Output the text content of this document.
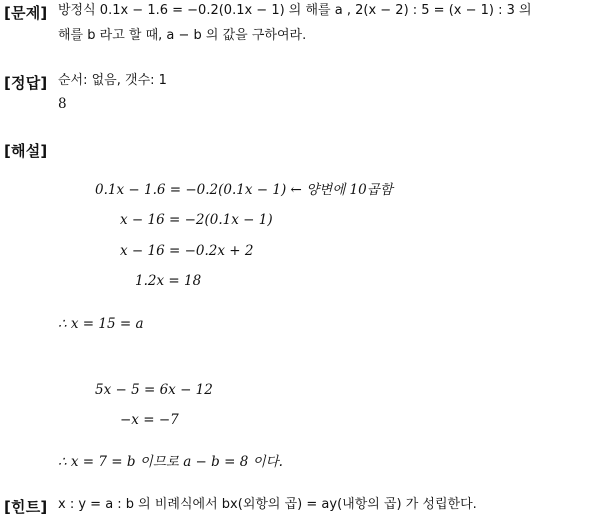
[문제] 방정식 0.1x − 1.6 = −0.2(0.1x − 1) 의 해를 a , 2(x − 2) : 5 = (x − 1) : 3 의
해를 b 라고 할 때, a − b 의 값을 구하여라.
[정답] 순서: 없음, 갯수: 1
8
[해설]
0.1x − 1.6 = −0.2(0.1x − 1) ← 양변에 10곱함
x − 16 = −2(0.1x − 1)
x − 16 = −0.2x + 2
1.2x = 18
∴ x = 15 = a
5x − 5 = 6x − 12
−x = −7
∴ x = 7 = b 이므로 a − b = 8 이다.
[힌트] x : y = a : b 의 비례식에서 bx(외항의 곱) = ay(내항의 곱) 가 성립한다.
